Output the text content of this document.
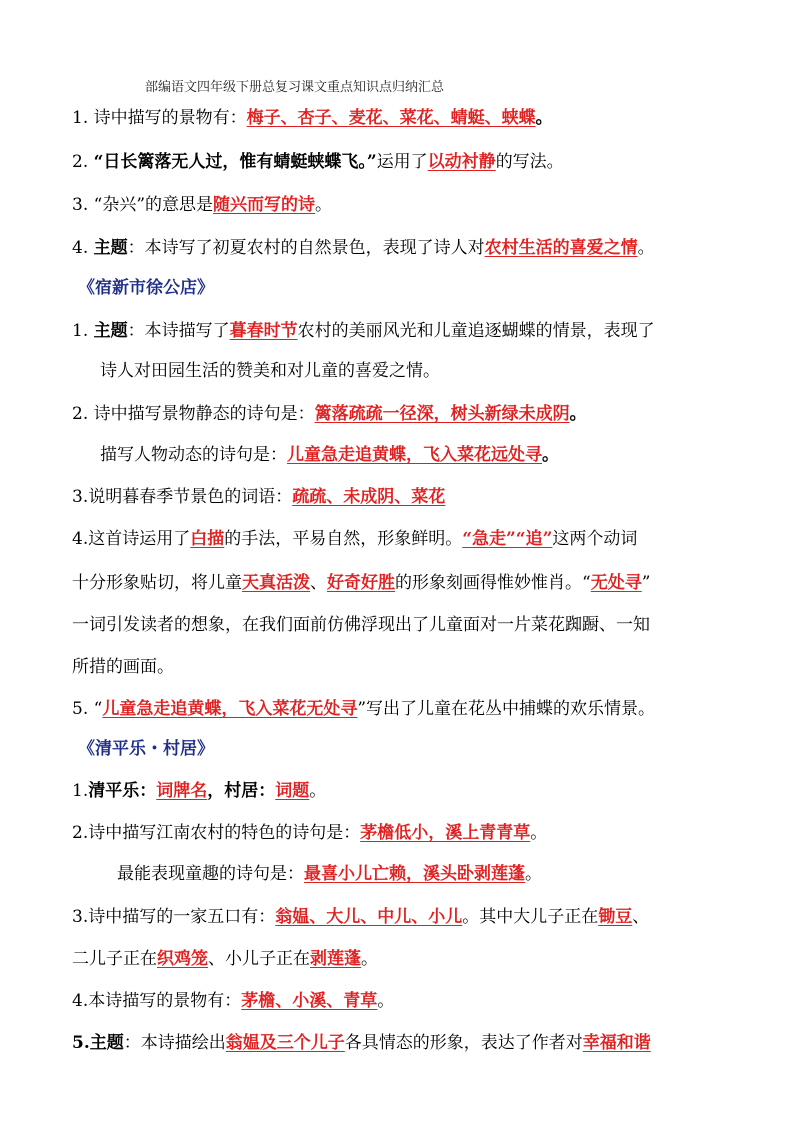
部编语文四年级下册总复习课文重点知识点归纳汇总
1. 诗中描写的景物有：梅子、杏子、麦花、菜花、蜻蜓、蛱蝶。
2. “日长篱落无人过，惟有蜻蜓蛱蝶飞。”运用了以动衬静的写法。
3. “杂兴”的意思是随兴而写的诗。
4. 主题：本诗写了初夏农村的自然景色，表现了诗人对农村生活的喜爱之情。
《宿新市徐公店》
1. 主题：本诗描写了暮春时节农村的美丽风光和儿童追逐蝴蝶的情景，表现了
诗人对田园生活的赞美和对儿童的喜爱之情。
2. 诗中描写景物静态的诗句是：篱落疏疏一径深，树头新绿未成阴。
描写人物动态的诗句是：儿童急走追黄蝶，飞入菜花远处寻。
3.说明暮春季节景色的词语：疏疏、未成阴、菜花
4.这首诗运用了白描的手法，平易自然，形象鲜明。“急走”“追”这两个动词
十分形象贴切，将儿童天真活泼、好奇好胜的形象刻画得惟妙惟肖。“无处寻”
一词引发读者的想象，在我们面前仿佛浮现出了儿童面对一片菜花踟蹰、一知
所措的画面。
5. “儿童急走追黄蝶，飞入菜花无处寻”写出了儿童在花丛中捕蝶的欢乐情景。
《清平乐・村居》
1.清平乐：词牌名，村居：词题。
2.诗中描写江南农村的特色的诗句是：茅檐低小，溪上青青草。
最能表现童趣的诗句是：最喜小儿亡赖，溪头卧剥莲蓬。
3.诗中描写的一家五口有：翁媪、大儿、中儿、小儿。其中大儿子正在锄豆、
二儿子正在织鸡笼、小儿子正在剥莲蓬。
4.本诗描写的景物有：茅檐、小溪、青草。
5.主题：本诗描绘出翁媪及三个儿子各具情态的形象，表达了作者对幸福和谐
